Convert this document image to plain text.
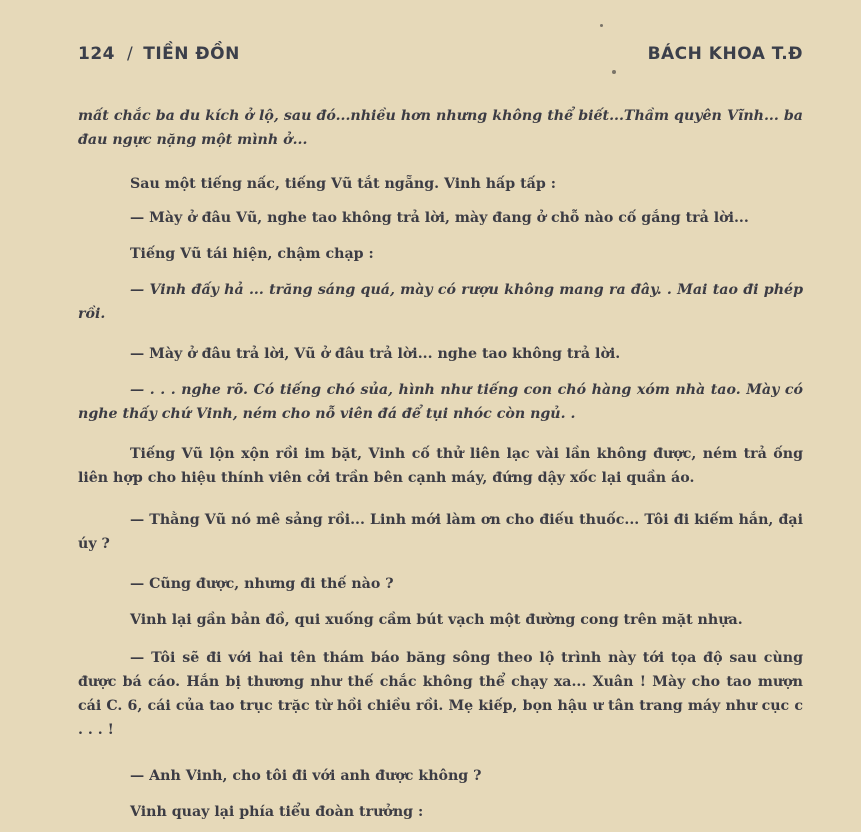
124 / TIỀN ĐỒN	BÁCH KHOA T.Đ

mất chắc ba du kích ở lộ, sau đó...nhiều hơn nhưng không thể biết...Thầm quyên Vĩnh... ba đau ngực nặng một mình ở...

Sau một tiếng nấc, tiếng Vũ tắt ngẵng. Vinh hấp tấp :

— Mày ở đâu Vũ, nghe tao không trả lời, mày đang ở chỗ nào cố gắng trả lời...

Tiếng Vũ tái hiện, chậm chạp :

— Vinh đấy hả ... trăng sáng quá, mày có rượu không mang ra đây. . Mai tao đi phép rồi.

— Mày ở đâu trả lời, Vũ ở đâu trả lời... nghe tao không trả lời.

— . . . nghe rõ. Có tiếng chó sủa, hình như tiếng con chó hàng xóm nhà tao. Mày có nghe thấy chứ Vinh, ném cho nỗ viên đá để tụi nhóc còn ngủ. .

Tiếng Vũ lộn xộn rồi im bặt, Vinh cố thử liên lạc vài lần không được, ném trả ống liên hợp cho hiệu thính viên cởi trần bên cạnh máy, đứng dậy xốc lại quần áo.

— Thằng Vũ nó mê sảng rồi... Linh mới làm ơn cho điếu thuốc... Tôi đi kiếm hắn, đại úy ?

— Cũng được, nhưng đi thế nào ?

Vinh lại gần bản đồ, qui xuống cầm bút vạch một đường cong trên mặt nhựa.

— Tôi sẽ đi với hai tên thám báo băng sông theo lộ trình này tới tọa độ sau cùng được bá cáo. Hắn bị thương như thế chắc không thể chạy xa... Xuân ! Mày cho tao mượn cái C. 6, cái của tao trục trặc từ hồi chiều rồi. Mẹ kiếp, bọn hậu ư tân trang máy như cục c . . . !

— Anh Vinh, cho tôi đi với anh được không ?

Vinh quay lại phía tiểu đoàn trưởng :
